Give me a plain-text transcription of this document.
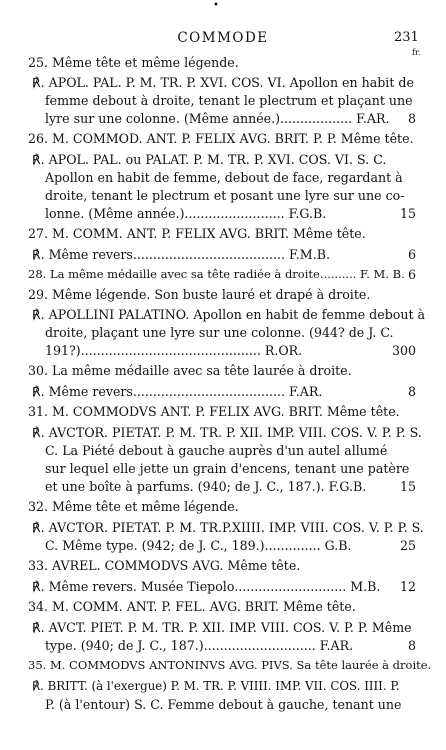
•
COMMODE	231
fr.
25. Même tête et même légende.
℟. APOL. PAL. P. M. TR. P. XVI. COS. VI. Apollon en habit de
femme debout à droite, tenant le plectrum et plaçant une
lyre sur une colonne. (Même année.).................. F.AR.	8
26. M. COMMOD. ANT. P. FELIX AVG. BRIT. P. P. Même tête.
℟. APOL. PAL. ou PALAT. P. M. TR. P. XVI. COS. VI. S. C.
Apollon en habit de femme, debout de face, regardant à
droite, tenant le plectrum et posant une lyre sur une co-
lonne. (Même année.)......................... F.G.B.	15
27. M. COMM. ANT. P. FELIX AVG. BRIT. Même tête.
℟. Même revers...................................... F.M.B.	6
28. La même médaille avec sa tête radiée à droite.......... F. M. B. 6
29. Même légende. Son buste lauré et drapé à droite.
℟. APOLLINI PALATINO. Apollon en habit de femme debout à
droite, plaçant une lyre sur une colonne. (944? de J. C.
191?)............................................. R.OR.	300
30. La même médaille avec sa tête laurée à droite.
℟. Même revers...................................... F.AR.	8
31. M. COMMODVS ANT. P. FELIX AVG. BRIT. Même tête.
℟. AVCTOR. PIETAT. P. M. TR. P. XII. IMP. VIII. COS. V. P. P. S.
C. La Piété debout à gauche auprès d'un autel allumé
sur lequel elle jette un grain d'encens, tenant une patère
et une boîte à parfums. (940; de J. C., 187.). F.G.B.	15
32. Même tête et même légende.
℟. AVCTOR. PIETAT. P. M. TR.P.XIIII. IMP. VIII. COS. V. P. P. S.
C. Même type. (942; de J. C., 189.).............. G.B.	25
33. AVREL. COMMODVS AVG. Même tête.
℟. Même revers. Musée Tiepolo............................ M.B.	12
34. M. COMM. ANT. P. FEL. AVG. BRIT. Même tête.
℟. AVCT. PIET. P. M. TR. P. XII. IMP. VIII. COS. V. P. P. Même
type. (940; de J. C., 187.)............................ F.AR.	8
35. M. COMMODVS ANTONINVS AVG. PIVS. Sa tête laurée à droite.
℟. BRITT. (à l'exergue) P. M. TR. P. VIIII. IMP. VII. COS. IIII. P.
P. (à l'entour) S. C. Femme debout à gauche, tenant une
